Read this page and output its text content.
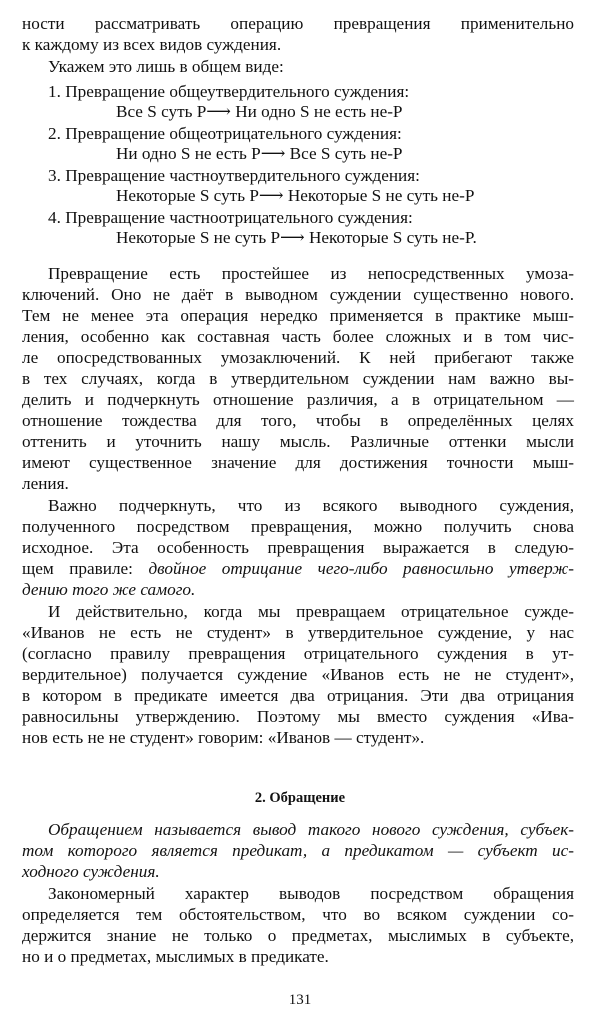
ности рассматривать операцию превращения применительно
к каждому из всех видов суждения.
Укажем это лишь в общем виде:
1. Превращение общеутвердительного суждения:
Все S суть P⟶ Ни одно S не есть не-P
2. Превращение общеотрицательного суждения:
Ни одно S не есть P⟶ Все S суть не-P
3. Превращение частноутвердительного суждения:
Некоторые S суть P⟶ Некоторые S не суть не-P
4. Превращение частноотрицательного суждения:
Некоторые S не суть P⟶ Некоторые S суть не-P.
Превращение есть простейшее из непосредственных умоза-
ключений. Оно не даёт в выводном суждении существенно нового.
Тем не менее эта операция нередко применяется в практике мыш-
ления, особенно как составная часть более сложных и в том чис-
ле опосредствованных умозаключений. К ней прибегают также
в тех случаях, когда в утвердительном суждении нам важно вы-
делить и подчеркнуть отношение различия, а в отрицательном —
отношение тождества для того, чтобы в определённых целях
оттенить и уточнить нашу мысль. Различные оттенки мысли
имеют существенное значение для достижения точности мыш-
ления.
Важно подчеркнуть, что из всякого выводного суждения,
полученного посредством превращения, можно получить снова
исходное. Эта особенность превращения выражается в следую-
щем правиле: двойное отрицание чего-либо равносильно утверж-
дению того же самого.
И действительно, когда мы превращаем отрицательное сужде-
«Иванов не есть не студент» в утвердительное суждение, у нас
(согласно правилу превращения отрицательного суждения в ут-
вердительное) получается суждение «Иванов есть не не студент»,
в котором в предикате имеется два отрицания. Эти два отрицания
равносильны утверждению. Поэтому мы вместо суждения «Ива-
нов есть не не студент» говорим: «Иванов — студент».
2. Обращение
Обращением называется вывод такого нового суждения, субъек-
том которого является предикат, а предикатом — субъект ис-
ходного суждения.
Закономерный характер выводов посредством обращения
определяется тем обстоятельством, что во всяком суждении со-
держится знание не только о предметах, мыслимых в субъекте,
но и о предметах, мыслимых в предикате.
131
